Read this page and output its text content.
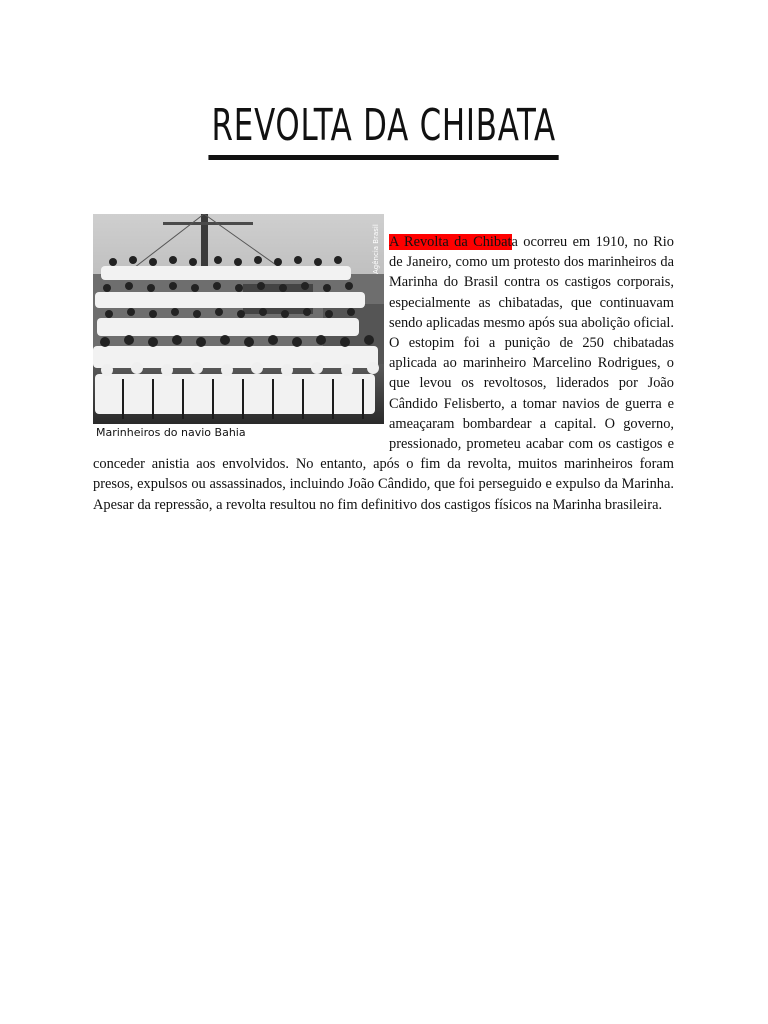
REVOLTA DA CHIBATA
Agência Brasil
Marinheiros do navio Bahia
A Revolta da Chibata ocorreu em 1910, no Rio de Janeiro, como um protesto dos marinheiros da Marinha do Brasil contra os castigos corporais, especialmente as chibatadas, que continuavam sendo aplicadas mesmo após sua abolição oficial. O estopim foi a punição de 250 chibatadas aplicada ao marinheiro Marcelino Rodrigues, o que levou os revoltosos, liderados por João Cândido Felisberto, a tomar navios de guerra e ameaçaram bombardear a capital. O governo, pressionado, prometeu acabar com os castigos e conceder anistia aos envolvidos. No entanto, após o fim da revolta, muitos marinheiros foram presos, expulsos ou assassinados, incluindo João Cândido, que foi perseguido e expulso da Marinha. Apesar da repressão, a revolta resultou no fim definitivo dos castigos físicos na Marinha brasileira.
